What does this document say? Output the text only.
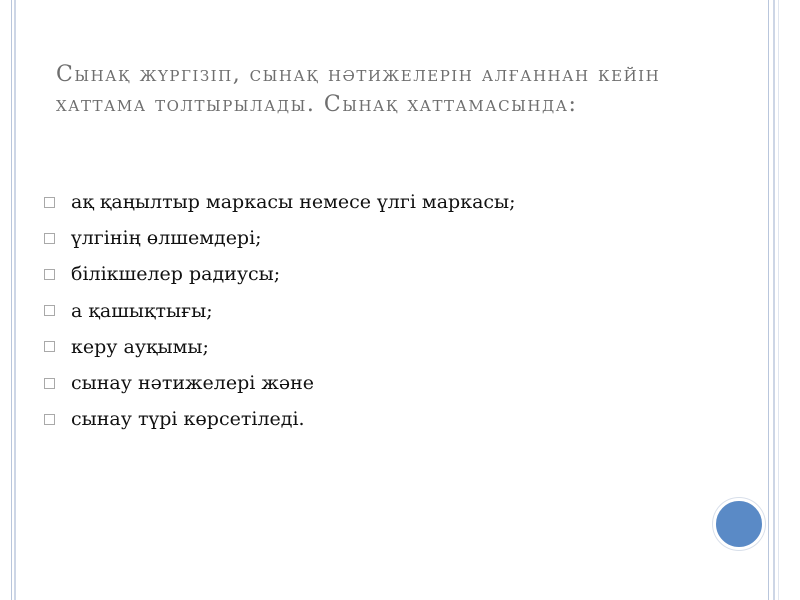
Сынақ жүргізіп, сынақ нәтижелерін алғаннан кейін хаттама толтырылады. Сынақ хаттамасында:
ақ қаңылтыр маркасы немесе үлгі маркасы;
үлгінің өлшемдері;
білікшелер радиусы;
а қашықтығы;
керу ауқымы;
сынау нәтижелері және
сынау түрі көрсетіледі.
